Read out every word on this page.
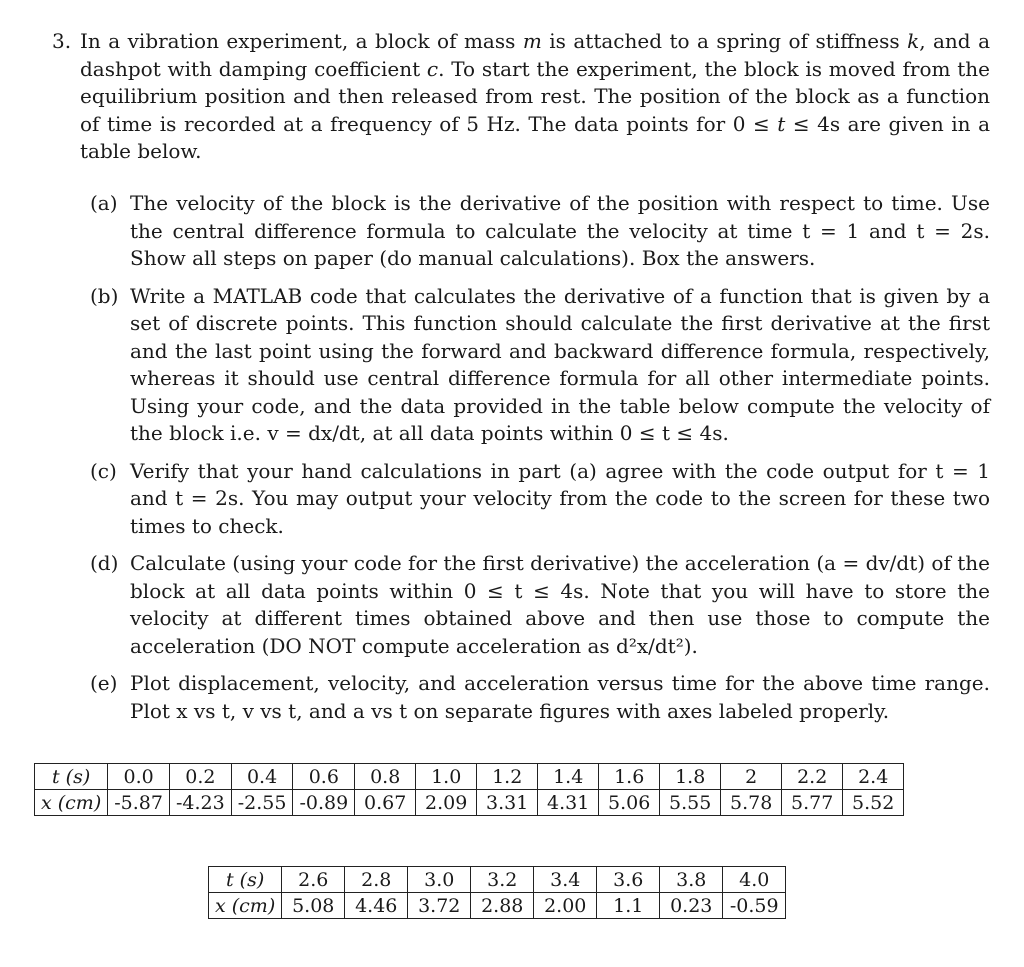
3. In a vibration experiment, a block of mass m is attached to a spring of stiffness k, and a dashpot with damping coefficient c. To start the experiment, the block is moved from the equilibrium position and then released from rest. The position of the block as a function of time is recorded at a frequency of 5 Hz. The data points for 0 ≤ t ≤ 4s are given in a table below.
(a) The velocity of the block is the derivative of the position with respect to time. Use the central difference formula to calculate the velocity at time t = 1 and t = 2s. Show all steps on paper (do manual calculations). Box the answers.
(b) Write a MATLAB code that calculates the derivative of a function that is given by a set of discrete points. This function should calculate the first derivative at the first and the last point using the forward and backward difference formula, respectively, whereas it should use central difference formula for all other intermediate points. Using your code, and the data provided in the table below compute the velocity of the block i.e. v = dx/dt, at all data points within 0 ≤ t ≤ 4s.
(c) Verify that your hand calculations in part (a) agree with the code output for t = 1 and t = 2s. You may output your velocity from the code to the screen for these two times to check.
(d) Calculate (using your code for the first derivative) the acceleration (a = dv/dt) of the block at all data points within 0 ≤ t ≤ 4s. Note that you will have to store the velocity at different times obtained above and then use those to compute the acceleration (DO NOT compute acceleration as d²x/dt²).
(e) Plot displacement, velocity, and acceleration versus time for the above time range. Plot x vs t, v vs t, and a vs t on separate figures with axes labeled properly.
t (s)	0.0	0.2	0.4	0.6	0.8	1.0	1.2	1.4	1.6	1.8	2	2.2	2.4
x (cm)	-5.87	-4.23	-2.55	-0.89	0.67	2.09	3.31	4.31	5.06	5.55	5.78	5.77	5.52
t (s)	2.6	2.8	3.0	3.2	3.4	3.6	3.8	4.0
x (cm)	5.08	4.46	3.72	2.88	2.00	1.1	0.23	-0.59
